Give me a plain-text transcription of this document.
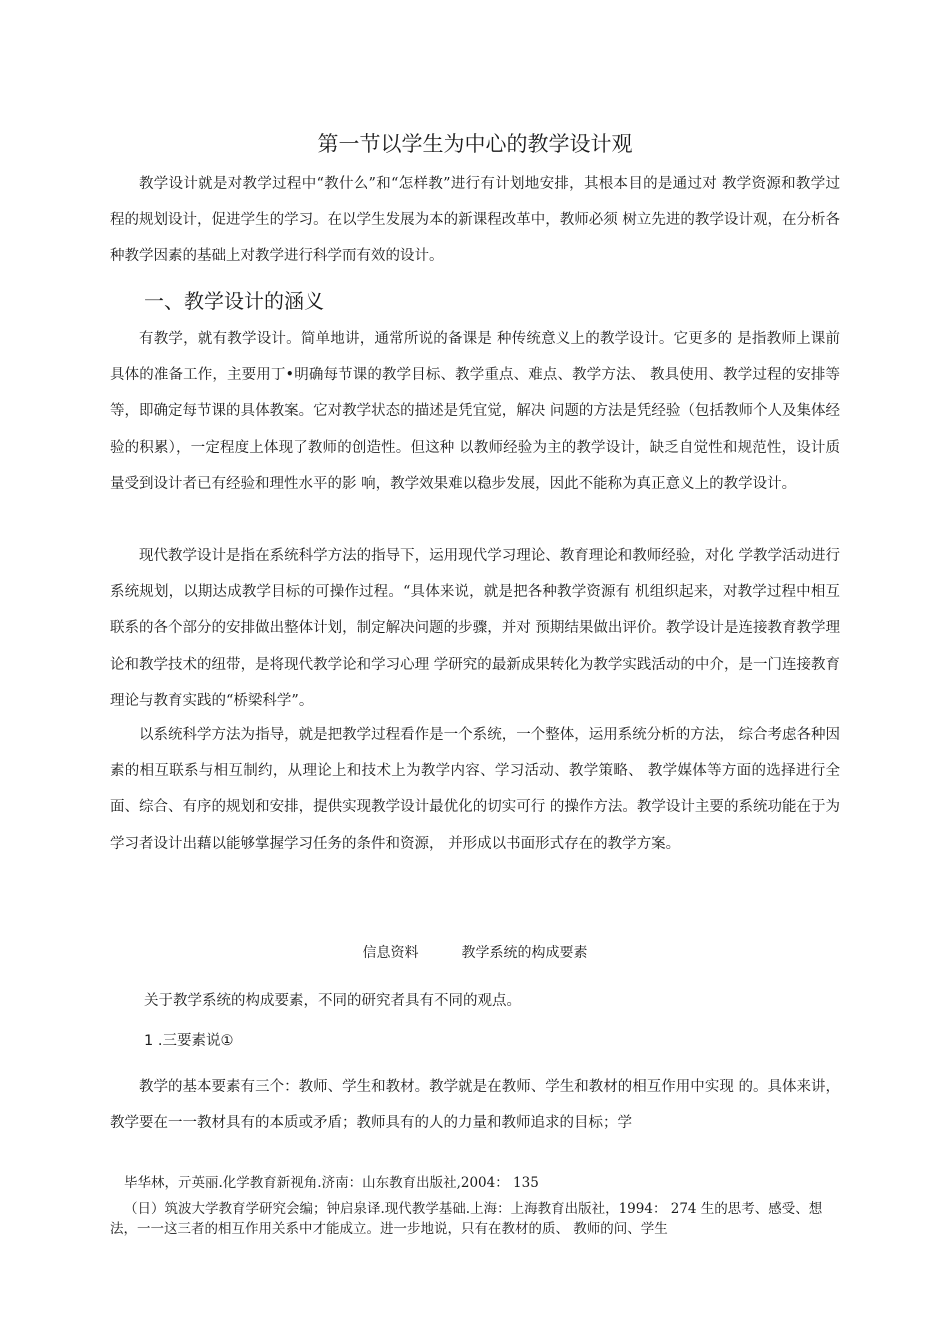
第一节以学生为中心的教学设计观

教学设计就是对教学过程中“教什么”和“怎样教”进行有计划地安排，其根本目的是通过对 教学资源和教学过程的规划设计，促进学生的学习。在以学生发展为本的新课程改革中，教师必须 树立先进的教学设计观，在分析各种教学因素的基础上对教学进行科学而有效的设计。

一、教学设计的涵义

有教学，就有教学设计。简单地讲，通常所说的备课是 种传统意义上的教学设计。它更多的 是指教师上课前具体的准备工作，主要用丁•明确每节课的教学目标、教学重点、难点、教学方法、 教具使用、教学过程的安排等等，即确定每节课的具体教案。它对教学状态的描述是凭宜觉，解决 问题的方法是凭经验（包括教师个人及集体经验的积累），一定程度上体现了教师的创造性。但这种 以教师经验为主的教学设计，缺乏自觉性和规范性，设计质量受到设计者已有经验和理性水平的影 响，教学效果难以稳步发展，因此不能称为真正意义上的教学设计。

现代教学设计是指在系统科学方法的指导下，运用现代学习理论、教育理论和教师经验，对化 学教学活动进行系统规划，以期达成教学目标的可操作过程。“具体来说，就是把各种教学资源有 机组织起来，对教学过程中相互联系的各个部分的安排做出整体计划，制定解决问题的步骤，并对 预期结果做出评价。教学设计是连接教育教学理论和教学技术的纽带，是将现代教学论和学习心理 学研究的最新成果转化为教学实践活动的中介，是一门连接教育理论与教育实践的“桥梁科学”。

以系统科学方法为指导，就是把教学过程看作是一个系统，一个整体，运用系统分析的方法， 综合考虑各种因素的相互联系与相互制约，从理论上和技术上为教学内容、学习活动、教学策略、 教学媒体等方面的选择进行全面、综合、有序的规划和安排，提供实现教学设计最优化的切实可行 的操作方法。教学设计主要的系统功能在于为学习者设计出藉以能够掌握学习任务的条件和资源， 并形成以书面形式存在的教学方案。

信息资料	教学系统的构成要素

关于教学系统的构成要素，不同的研究者具有不同的观点。

1 .三要素说①

教学的基本要素有三个：教师、学生和教材。教学就是在教师、学生和教材的相互作用中实现 的。具体来讲，教学要在一一教材具有的本质或矛盾；教师具有的人的力量和教师追求的目标；学

毕华林，亓英丽.化学教育新视角.济南：山东教育出版社,2004： 135

（日）筑波大学教育学研究会编；钟启泉译.现代教学基础.上海：上海教育出版社，1994： 274 生的思考、感受、想法，一一这三者的相互作用关系中才能成立。进一步地说，只有在教材的质、 教师的问、学生
